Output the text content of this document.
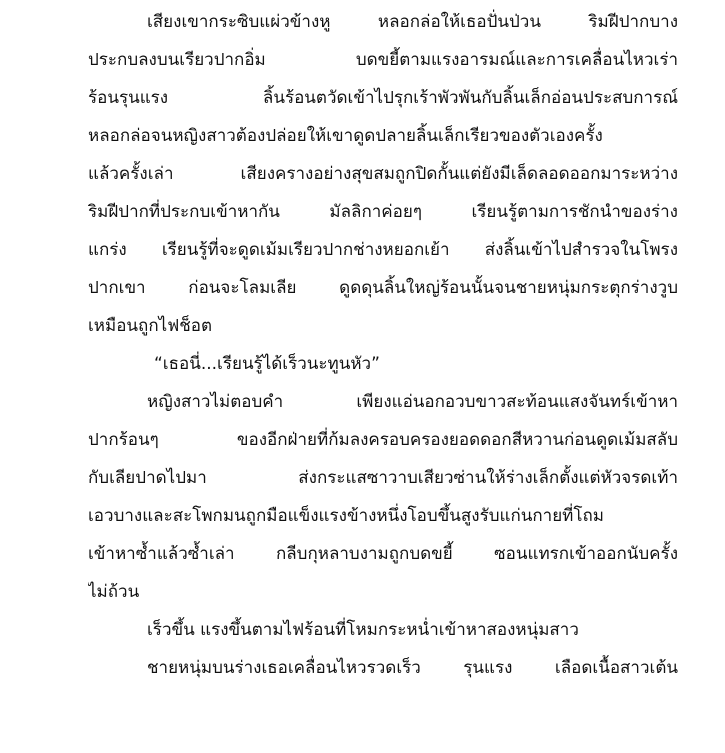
เสียงเขากระซิบแผ่วข้างหู หลอกล่อให้เธอปั่นป่วน ริมฝีปากบาง
ประกบลงบนเรียวปากอิ่ม บดขยี้ตามแรงอารมณ์และการเคลื่อนไหวเร่า
ร้อนรุนแรง ลิ้นร้อนตวัดเข้าไปรุกเร้าพัวพันกับลิ้นเล็กอ่อนประสบการณ์
หลอกล่อจนหญิงสาวต้องปล่อยให้เขาดูดปลายลิ้นเล็กเรียวของตัวเองครั้ง
แล้วครั้งเล่า เสียงครางอย่างสุขสมถูกปิดกั้นแต่ยังมีเล็ดลอดออกมาระหว่าง
ริมฝีปากที่ประกบเข้าหากัน มัลลิกาค่อยๆ เรียนรู้ตามการชักนำของร่าง
แกร่ง เรียนรู้ที่จะดูดเม้มเรียวปากช่างหยอกเย้า ส่งลิ้นเข้าไปสำรวจในโพรง
ปากเขา ก่อนจะโลมเลีย ดูดดุนลิ้นใหญ่ร้อนนั้นจนชายหนุ่มกระตุกร่างวูบ
เหมือนถูกไฟช็อต
“เธอนี่...เรียนรู้ได้เร็วนะทูนหัว”
หญิงสาวไม่ตอบคำ เพียงแอ่นอกอวบขาวสะท้อนแสงจันทร์เข้าหา
ปากร้อนๆ ของอีกฝ่ายที่ก้มลงครอบครองยอดดอกสีหวานก่อนดูดเม้มสลับ
กับเลียปาดไปมา ส่งกระแสซาวาบเสียวซ่านให้ร่างเล็กตั้งแต่หัวจรดเท้า
เอวบางและสะโพกมนถูกมือแข็งแรงข้างหนึ่งโอบขึ้นสูงรับแก่นกายที่โถม
เข้าหาซ้ำแล้วซ้ำเล่า กลีบกุหลาบงามถูกบดขยี้ ซอนแทรกเข้าออกนับครั้ง
ไม่ถ้วน
เร็วขึ้น แรงขึ้นตามไฟร้อนที่โหมกระหน่ำเข้าหาสองหนุ่มสาว
ชายหนุ่มบนร่างเธอเคลื่อนไหวรวดเร็ว รุนแรง เลือดเนื้อสาวเต้น
